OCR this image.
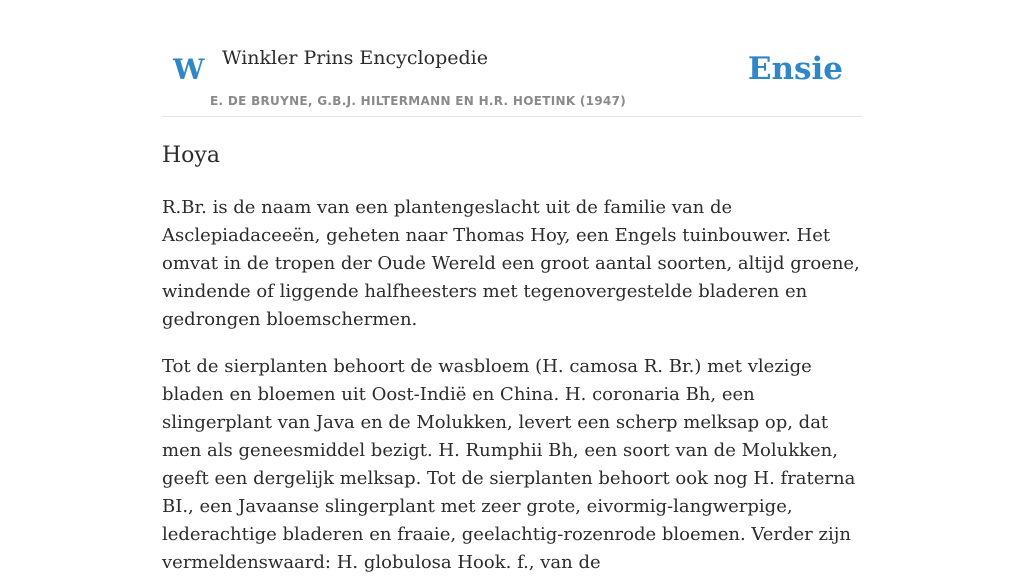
W Winkler Prins Encyclopedie
E. DE BRUYNE, G.B.J. HILTERMANN EN H.R. HOETINK (1947)
Ensie
Hoya

R.Br. is de naam van een plantengeslacht uit de familie van de Asclepiadaceeën, geheten naar Thomas Hoy, een Engels tuinbouwer. Het omvat in de tropen der Oude Wereld een groot aantal soorten, altijd groene, windende of liggende halfheesters met tegenovergestelde bladeren en gedrongen bloemschermen.

Tot de sierplanten behoort de wasbloem (H. camosa R. Br.) met vlezige bladen en bloemen uit Oost-Indië en China. H. coronaria Bh, een slingerplant van Java en de Molukken, levert een scherp melksap op, dat men als geneesmiddel bezigt. H. Rumphii Bh, een soort van de Molukken, geeft een dergelijk melksap. Tot de sierplanten behoort ook nog H. fraterna BI., een Javaanse slingerplant met zeer grote, eivormig-langwerpige, lederachtige bladeren en fraaie, geelachtig-rozenrode bloemen. Verder zijn vermeldenswaard: H. globulosa Hook. f., van de
